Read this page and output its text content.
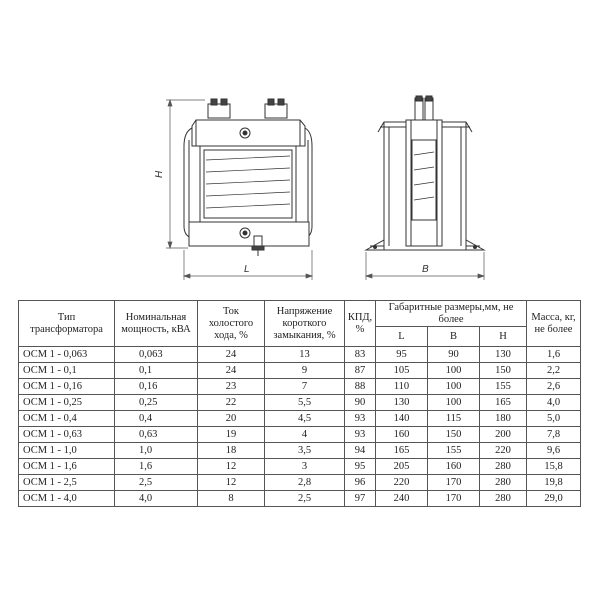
H
L	B
Тип трансформатора	Номинальная мощность, кВА	Ток холостого хода, %	Напряжение короткого замыкания, %	КПД, %	Габаритные размеры,мм, не более			Масса, кг, не более
					L	B	H	
ОСМ 1 - 0,063	0,063	24	13	83	95	90	130	1,6
ОСМ 1 - 0,1	0,1	24	9	87	105	100	150	2,2
ОСМ 1 - 0,16	0,16	23	7	88	110	100	155	2,6
ОСМ 1 - 0,25	0,25	22	5,5	90	130	100	165	4,0
ОСМ 1 - 0,4	0,4	20	4,5	93	140	115	180	5,0
ОСМ 1 - 0,63	0,63	19	4	93	160	150	200	7,8
ОСМ 1 - 1,0	1,0	18	3,5	94	165	155	220	9,6
ОСМ 1 - 1,6	1,6	12	3	95	205	160	280	15,8
ОСМ 1 - 2,5	2,5	12	2,8	96	220	170	280	19,8
ОСМ 1 - 4,0	4,0	8	2,5	97	240	170	280	29,0
